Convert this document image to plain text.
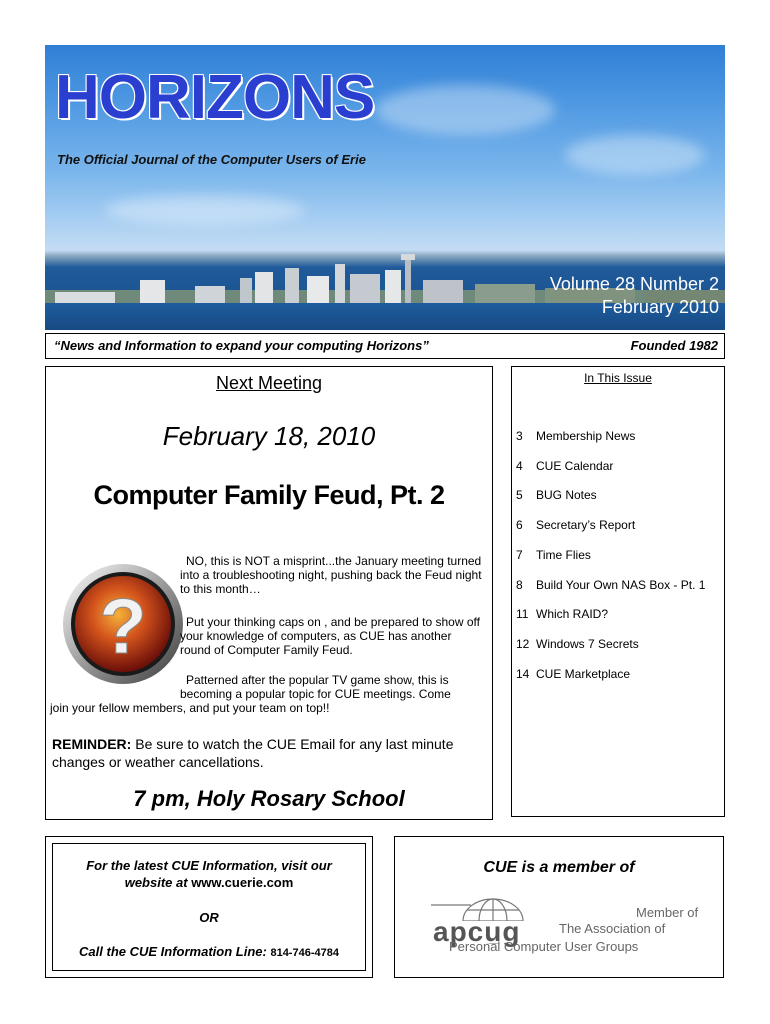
HORIZONS
The Official Journal of the Computer Users of Erie
Volume 28 Number 2
February 2010
“News and Information to expand your computing Horizons”	Founded 1982
Next Meeting
February 18, 2010
Computer Family Feud, Pt. 2
?
NO, this is NOT a misprint...the January meeting turned into a troubleshooting night, pushing back the Feud night to this month…
Put your thinking caps on , and be prepared to show off your knowledge of computers, as CUE has another round of Computer Family Feud.
Patterned after the popular TV game show, this is becoming a popular topic for CUE meetings. Come
join your fellow members, and put your team on top!!
REMINDER: Be sure to watch the CUE Email for any last minute changes or weather cancellations.
7 pm, Holy Rosary School
In This Issue
3 Membership News
4 CUE Calendar
5 BUG Notes
6 Secretary’s Report
7 Time Flies
8 Build Your Own NAS Box - Pt. 1
11 Which RAID?
12 Windows 7 Secrets
14 CUE Marketplace
For the latest CUE Information, visit our
website at www.cuerie.com
OR
Call the CUE Information Line: 814-746-4784
CUE is a member of
apcug
Member of
The Association of
Personal Computer User Groups
